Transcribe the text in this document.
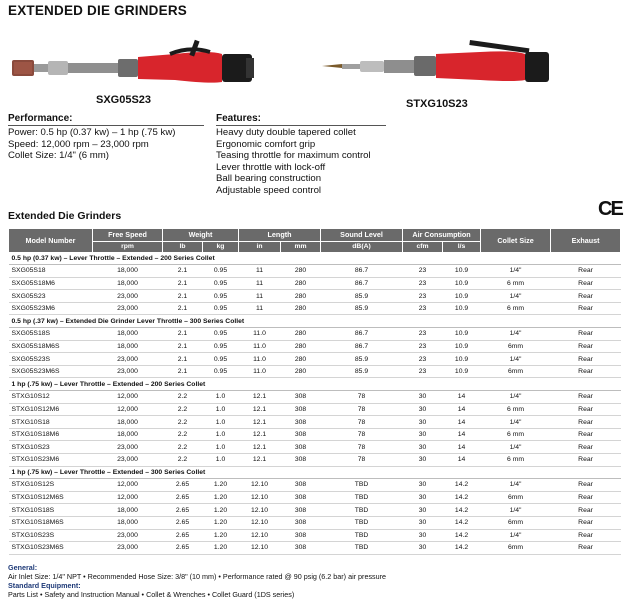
EXTENDED DIE GRINDERS
SXG05S23	STXG10S23
Performance:
Power: 0.5 hp (0.37 kw) – 1 hp (.75 kw)
Speed: 12,000 rpm – 23,000 rpm
Collet Size: 1/4" (6 mm)
Features:
Heavy duty double tapered collet
Ergonomic comfort grip
Teasing throttle for maximum control
Lever throttle with lock-off
Ball bearing construction
Adjustable speed control
Extended Die Grinders	CE
Model Number	Free Speed	Weight		Length		Sound Level	Air Consumption		Collet Size	Exhaust
	rpm	lb	kg	in	mm	dB(A)	cfm	l/s		
0.5 hp (0.37 kw) – Lever Throttle – Extended – 200 Series Collet										
SXG05S18	18,000	2.1	0.95	11	280	86.7	23	10.9	1/4"	Rear
SXG05S18M6	18,000	2.1	0.95	11	280	86.7	23	10.9	6 mm	Rear
SXG05S23	23,000	2.1	0.95	11	280	85.9	23	10.9	1/4"	Rear
SXG05S23M6	23,000	2.1	0.95	11	280	85.9	23	10.9	6 mm	Rear
0.5 hp (.37 kw) – Extended Die Grinder Lever Throttle – 300 Series Collet										
SXG05S18S	18,000	2.1	0.95	11.0	280	86.7	23	10.9	1/4"	Rear
SXG05S18M6S	18,000	2.1	0.95	11.0	280	86.7	23	10.9	6mm	Rear
SXG05S23S	23,000	2.1	0.95	11.0	280	85.9	23	10.9	1/4"	Rear
SXG05S23M6S	23,000	2.1	0.95	11.0	280	85.9	23	10.9	6mm	Rear
1 hp (.75 kw) – Lever Throttle – Extended – 200 Series Collet										
STXG10S12	12,000	2.2	1.0	12.1	308	78	30	14	1/4"	Rear
STXG10S12M6	12,000	2.2	1.0	12.1	308	78	30	14	6 mm	Rear
STXG10S18	18,000	2.2	1.0	12.1	308	78	30	14	1/4"	Rear
STXG10S18M6	18,000	2.2	1.0	12.1	308	78	30	14	6 mm	Rear
STXG10S23	23,000	2.2	1.0	12.1	308	78	30	14	1/4"	Rear
STXG10S23M6	23,000	2.2	1.0	12.1	308	78	30	14	6 mm	Rear
1 hp (.75 kw) – Lever Throttle – Extended – 300 Series Collet										
STXG10S12S	12,000	2.65	1.20	12.10	308	TBD	30	14.2	1/4"	Rear
STXG10S12M6S	12,000	2.65	1.20	12.10	308	TBD	30	14.2	6mm	Rear
STXG10S18S	18,000	2.65	1.20	12.10	308	TBD	30	14.2	1/4"	Rear
STXG10S18M6S	18,000	2.65	1.20	12.10	308	TBD	30	14.2	6mm	Rear
STXG10S23S	23,000	2.65	1.20	12.10	308	TBD	30	14.2	1/4"	Rear
STXG10S23M6S	23,000	2.65	1.20	12.10	308	TBD	30	14.2	6mm	Rear
General:
Air Inlet Size: 1/4" NPT • Recommended Hose Size: 3/8" (10 mm) • Performance rated @ 90 psig (6.2 bar) air pressure
Standard Equipment:
Parts List • Safety and Instruction Manual • Collet & Wrenches • Collet Guard (1DS series)
